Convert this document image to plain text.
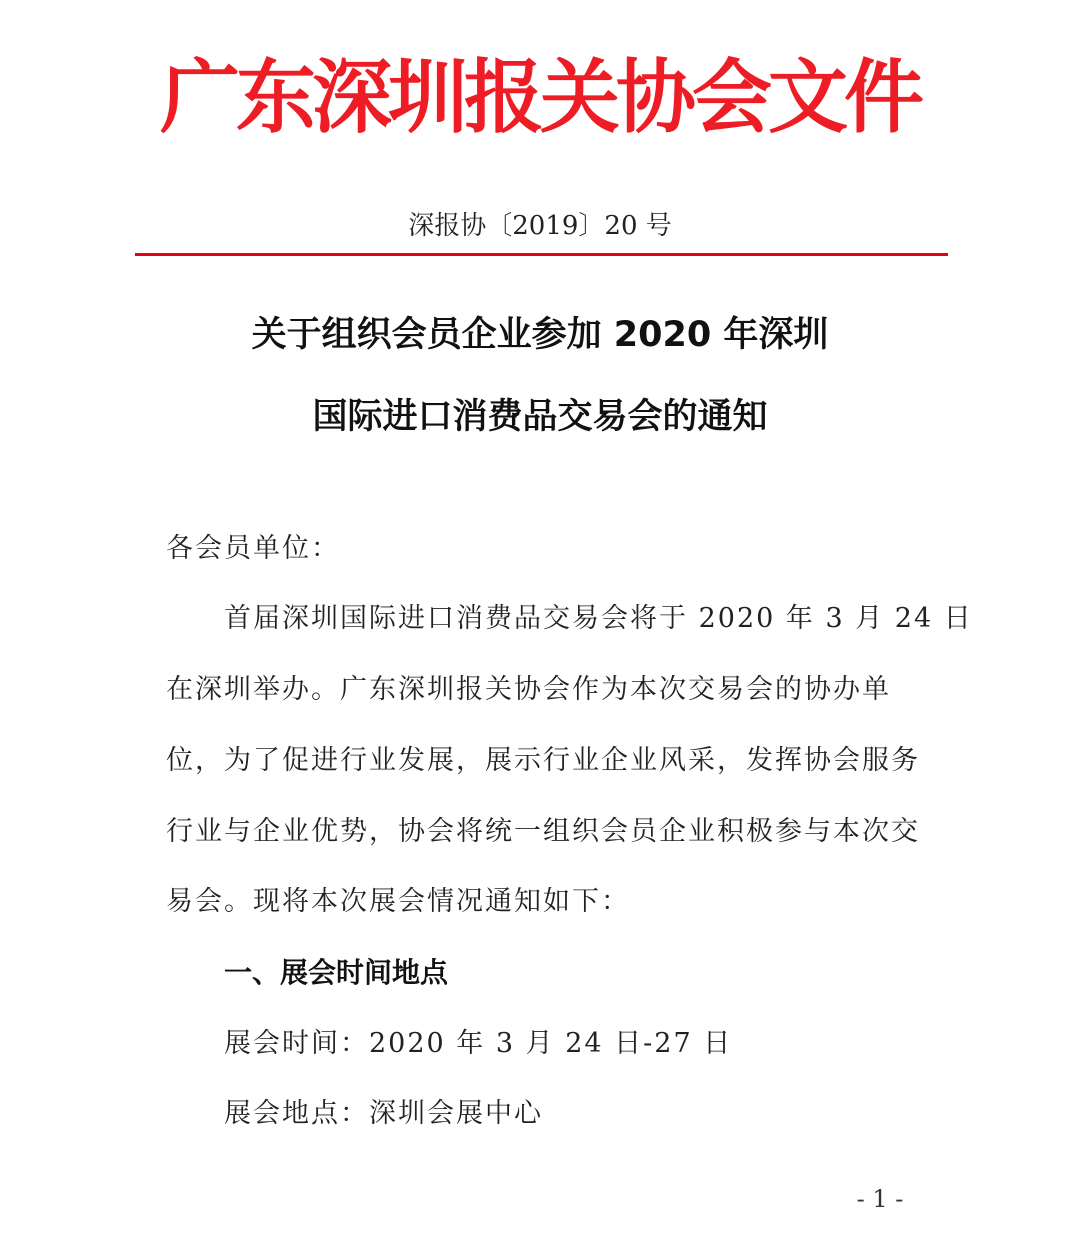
广东深圳报关协会文件
深报协〔2019〕20 号
关于组织会员企业参加 2020 年深圳
国际进口消费品交易会的通知
各会员单位：
首届深圳国际进口消费品交易会将于 2020 年 3 月 24 日
在深圳举办。广东深圳报关协会作为本次交易会的协办单
位，为了促进行业发展，展示行业企业风采，发挥协会服务
行业与企业优势，协会将统一组织会员企业积极参与本次交
易会。现将本次展会情况通知如下：
一、展会时间地点
展会时间：2020 年 3 月 24 日-27 日
展会地点：深圳会展中心
- 1 -
